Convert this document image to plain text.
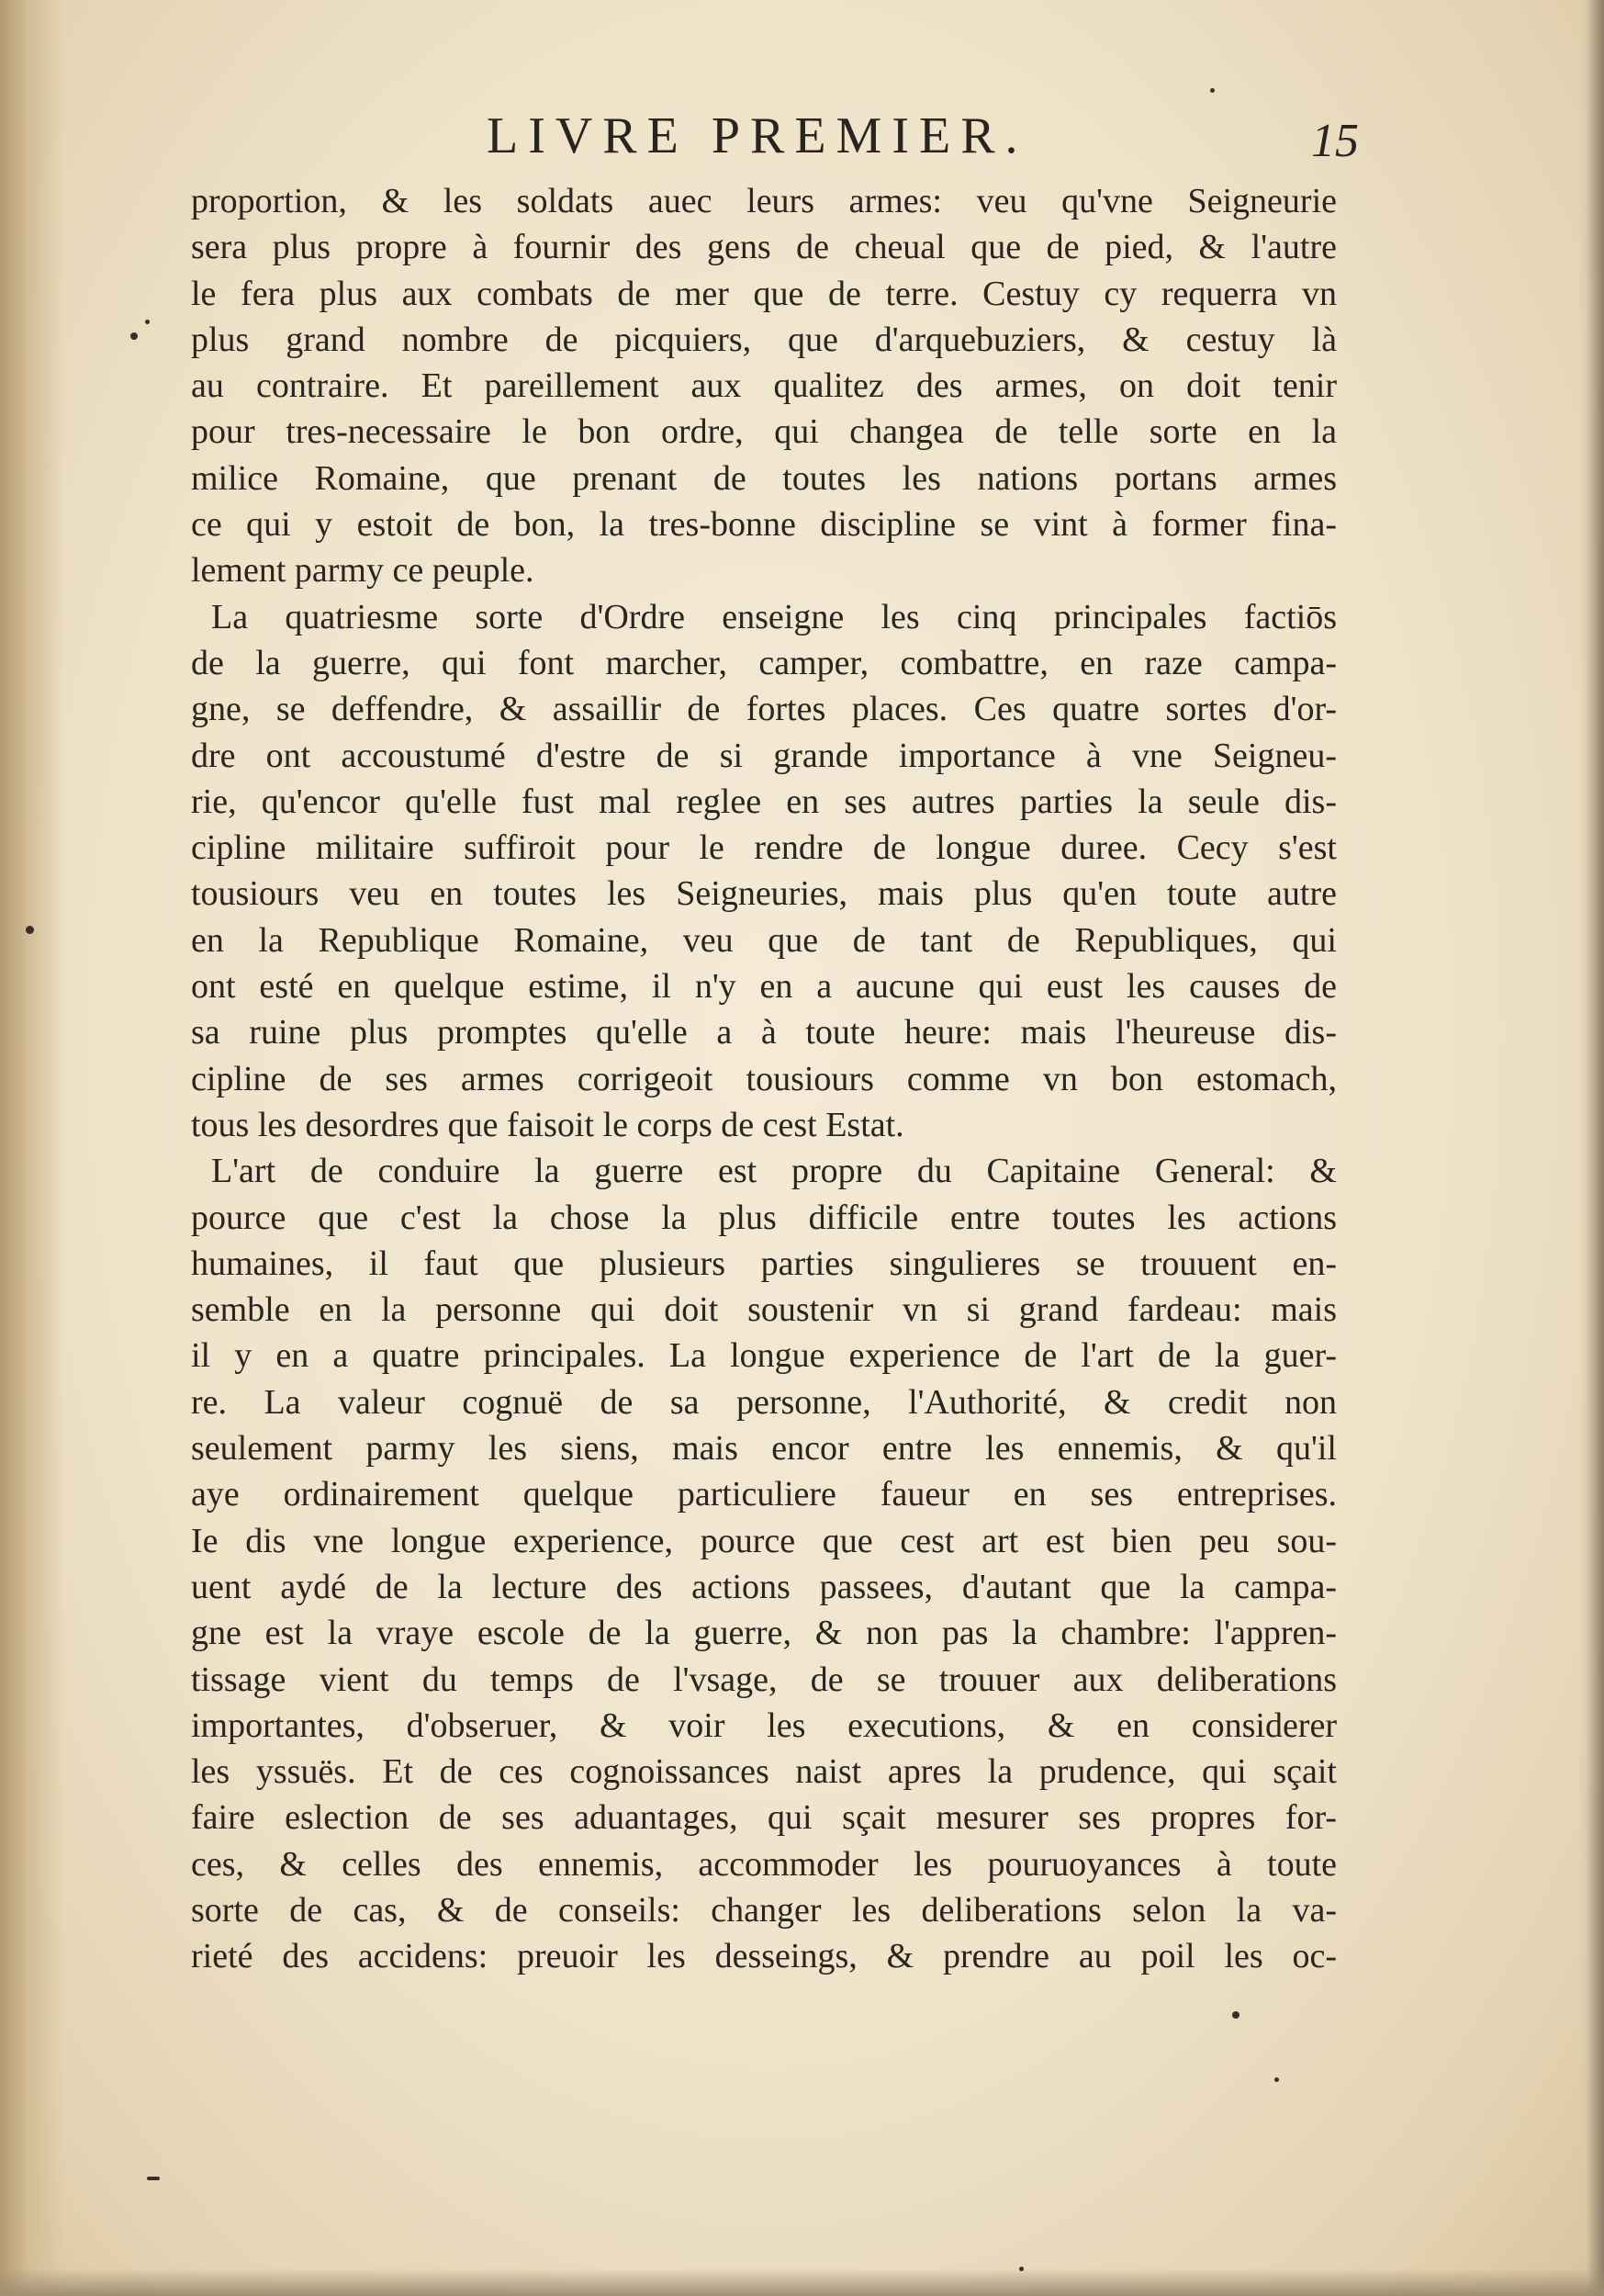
LIVRE PREMIER.	15
proportion, & les soldats auec leurs armes: veu qu'vne Seigneurie
sera plus propre à fournir des gens de cheual que de pied, & l'autre
le fera plus aux combats de mer que de terre. Cestuy cy requerra vn
plus grand nombre de picquiers, que d'arquebuziers, & cestuy là
au contraire. Et pareillement aux qualitez des armes, on doit tenir
pour tres-necessaire le bon ordre, qui changea de telle sorte en la
milice Romaine, que prenant de toutes les nations portans armes
ce qui y estoit de bon, la tres-bonne discipline se vint à former fina-
lement parmy ce peuple.
La quatriesme sorte d'Ordre enseigne les cinq principales factiōs
de la guerre, qui font marcher, camper, combattre, en raze campa-
gne, se deffendre, & assaillir de fortes places. Ces quatre sortes d'or-
dre ont accoustumé d'estre de si grande importance à vne Seigneu-
rie, qu'encor qu'elle fust mal reglee en ses autres parties la seule dis-
cipline militaire suffiroit pour le rendre de longue duree. Cecy s'est
tousiours veu en toutes les Seigneuries, mais plus qu'en toute autre
en la Republique Romaine, veu que de tant de Republiques, qui
ont esté en quelque estime, il n'y en a aucune qui eust les causes de
sa ruine plus promptes qu'elle a à toute heure: mais l'heureuse dis-
cipline de ses armes corrigeoit tousiours comme vn bon estomach,
tous les desordres que faisoit le corps de cest Estat.
L'art de conduire la guerre est propre du Capitaine General: &
pource que c'est la chose la plus difficile entre toutes les actions
humaines, il faut que plusieurs parties singulieres se trouuent en-
semble en la personne qui doit soustenir vn si grand fardeau: mais
il y en a quatre principales. La longue experience de l'art de la guer-
re. La valeur cognuë de sa personne, l'Authorité, & credit non
seulement parmy les siens, mais encor entre les ennemis, & qu'il
aye ordinairement quelque particuliere faueur en ses entreprises.
Ie dis vne longue experience, pource que cest art est bien peu sou-
uent aydé de la lecture des actions passees, d'autant que la campa-
gne est la vraye escole de la guerre, & non pas la chambre: l'appren-
tissage vient du temps de l'vsage, de se trouuer aux deliberations
importantes, d'obseruer, & voir les executions, & en considerer
les yssuës. Et de ces cognoissances naist apres la prudence, qui sçait
faire eslection de ses aduantages, qui sçait mesurer ses propres for-
ces, & celles des ennemis, accommoder les pouruoyances à toute
sorte de cas, & de conseils: changer les deliberations selon la va-
rieté des accidens: preuoir les desseings, & prendre au poil les oc-
